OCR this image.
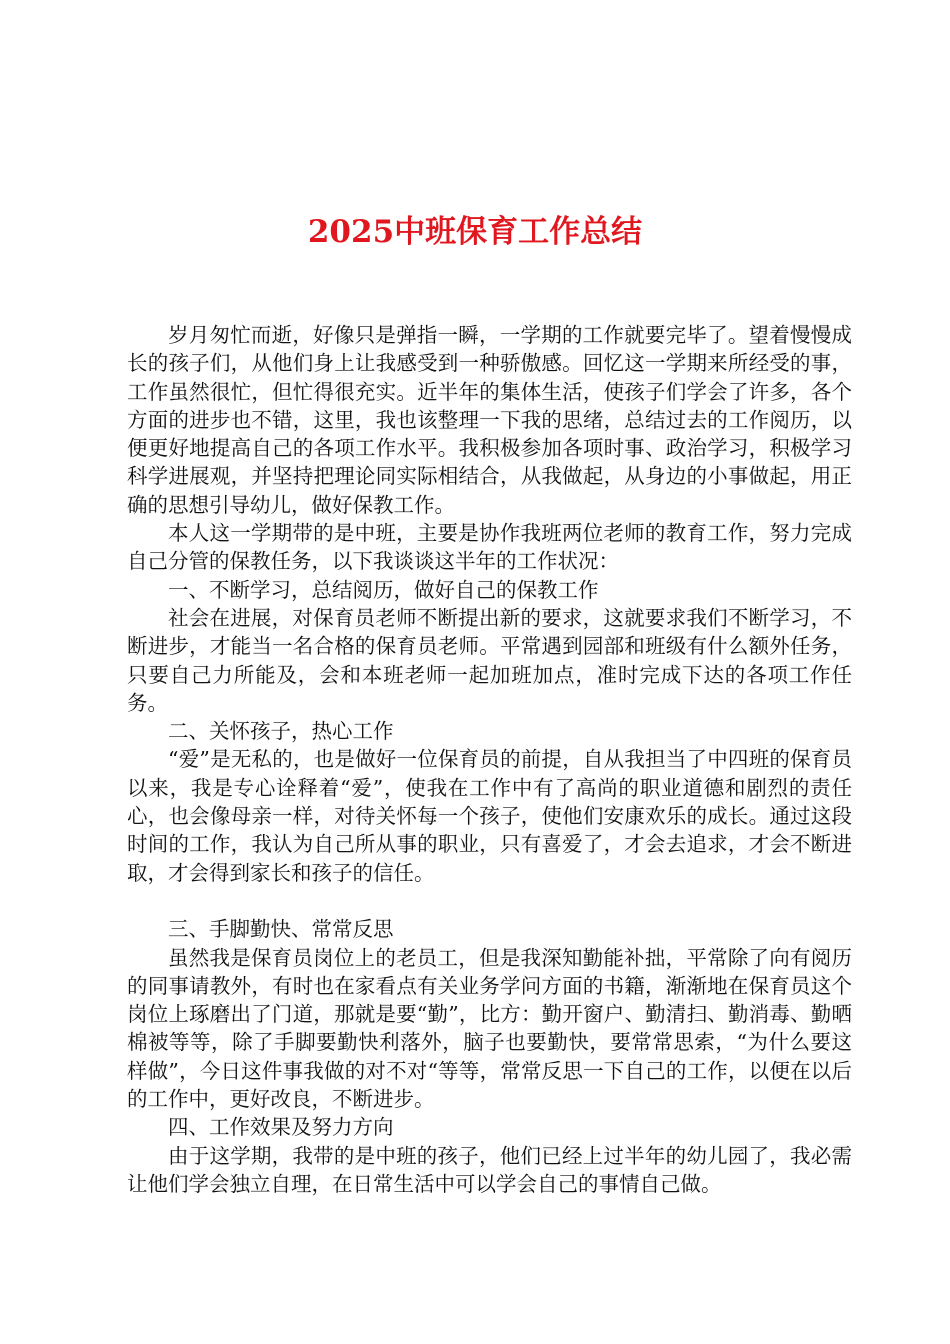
2025中班保育工作总结

岁月匆忙而逝，好像只是弹指一瞬，一学期的工作就要完毕了。望着慢慢成长的孩子们，从他们身上让我感受到一种骄傲感。回忆这一学期来所经受的事，工作虽然很忙，但忙得很充实。近半年的集体生活，使孩子们学会了许多，各个方面的进步也不错，这里，我也该整理一下我的思绪，总结过去的工作阅历，以便更好地提高自己的各项工作水平。我积极参加各项时事、政治学习，积极学习科学进展观，并坚持把理论同实际相结合，从我做起，从身边的小事做起，用正确的思想引导幼儿，做好保教工作。

本人这一学期带的是中班，主要是协作我班两位老师的教育工作，努力完成自己分管的保教任务，以下我谈谈这半年的工作状况：

一、不断学习，总结阅历，做好自己的保教工作

社会在进展，对保育员老师不断提出新的要求，这就要求我们不断学习，不断进步，才能当一名合格的保育员老师。平常遇到园部和班级有什么额外任务，只要自己力所能及，会和本班老师一起加班加点，准时完成下达的各项工作任务。

二、关怀孩子，热心工作

“爱”是无私的，也是做好一位保育员的前提，自从我担当了中四班的保育员以来，我是专心诠释着“爱”，使我在工作中有了高尚的职业道德和剧烈的责任心，也会像母亲一样，对待关怀每一个孩子，使他们安康欢乐的成长。通过这段时间的工作，我认为自己所从事的职业，只有喜爱了，才会去追求，才会不断进取，才会得到家长和孩子的信任。

三、手脚勤快、常常反思

虽然我是保育员岗位上的老员工，但是我深知勤能补拙，平常除了向有阅历的同事请教外，有时也在家看点有关业务学问方面的书籍，渐渐地在保育员这个岗位上琢磨出了门道，那就是要“勤”，比方：勤开窗户、勤清扫、勤消毒、勤晒棉被等等，除了手脚要勤快利落外，脑子也要勤快，要常常思索，“为什么要这样做”，今日这件事我做的对不对“等等，常常反思一下自己的工作，以便在以后的工作中，更好改良，不断进步。

四、工作效果及努力方向

由于这学期，我带的是中班的孩子，他们已经上过半年的幼儿园了，我必需让他们学会独立自理，在日常生活中可以学会自己的事情自己做。
